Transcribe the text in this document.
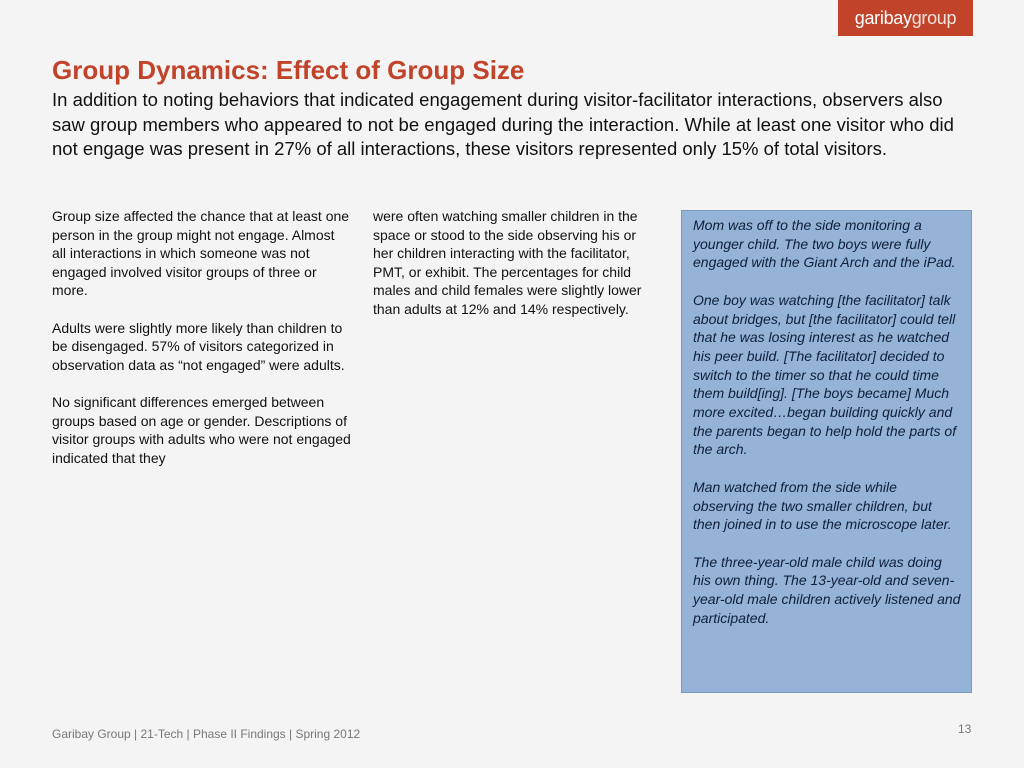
garibay group
Group Dynamics: Effect of Group Size

In addition to noting behaviors that indicated engagement during visitor-facilitator interactions, observers also saw group members who appeared to not be engaged during the interaction. While at least one visitor who did not engage was present in 27% of all interactions, these visitors represented only 15% of total visitors.

Group size affected the chance that at least one person in the group might not engage. Almost all interactions in which someone was not engaged involved visitor groups of three or more.

Adults were slightly more likely than children to be disengaged. 57% of visitors categorized in observation data as “not engaged” were adults.

No significant differences emerged between groups based on age or gender. Descriptions of visitor groups with adults who were not engaged indicated that they

were often watching smaller children in the space or stood to the side observing his or her children interacting with the facilitator, PMT, or exhibit. The percentages for child males and child females were slightly lower than adults at 12% and 14% respectively.

Mom was off to the side monitoring a younger child. The two boys were fully engaged with the Giant Arch and the iPad.

One boy was watching [the facilitator] talk about bridges, but [the facilitator] could tell that he was losing interest as he watched his peer build. [The facilitator] decided to switch to the timer so that he could time them build[ing]. [The boys became] Much more excited…began building quickly and the parents began to help hold the parts of the arch.

Man watched from the side while observing the two smaller children, but then joined in to use the microscope later.

The three-year-old male child was doing his own thing. The 13-year-old and seven-year-old male children actively listened and participated.

Garibay Group | 21-Tech | Phase II Findings | Spring 2012	13
